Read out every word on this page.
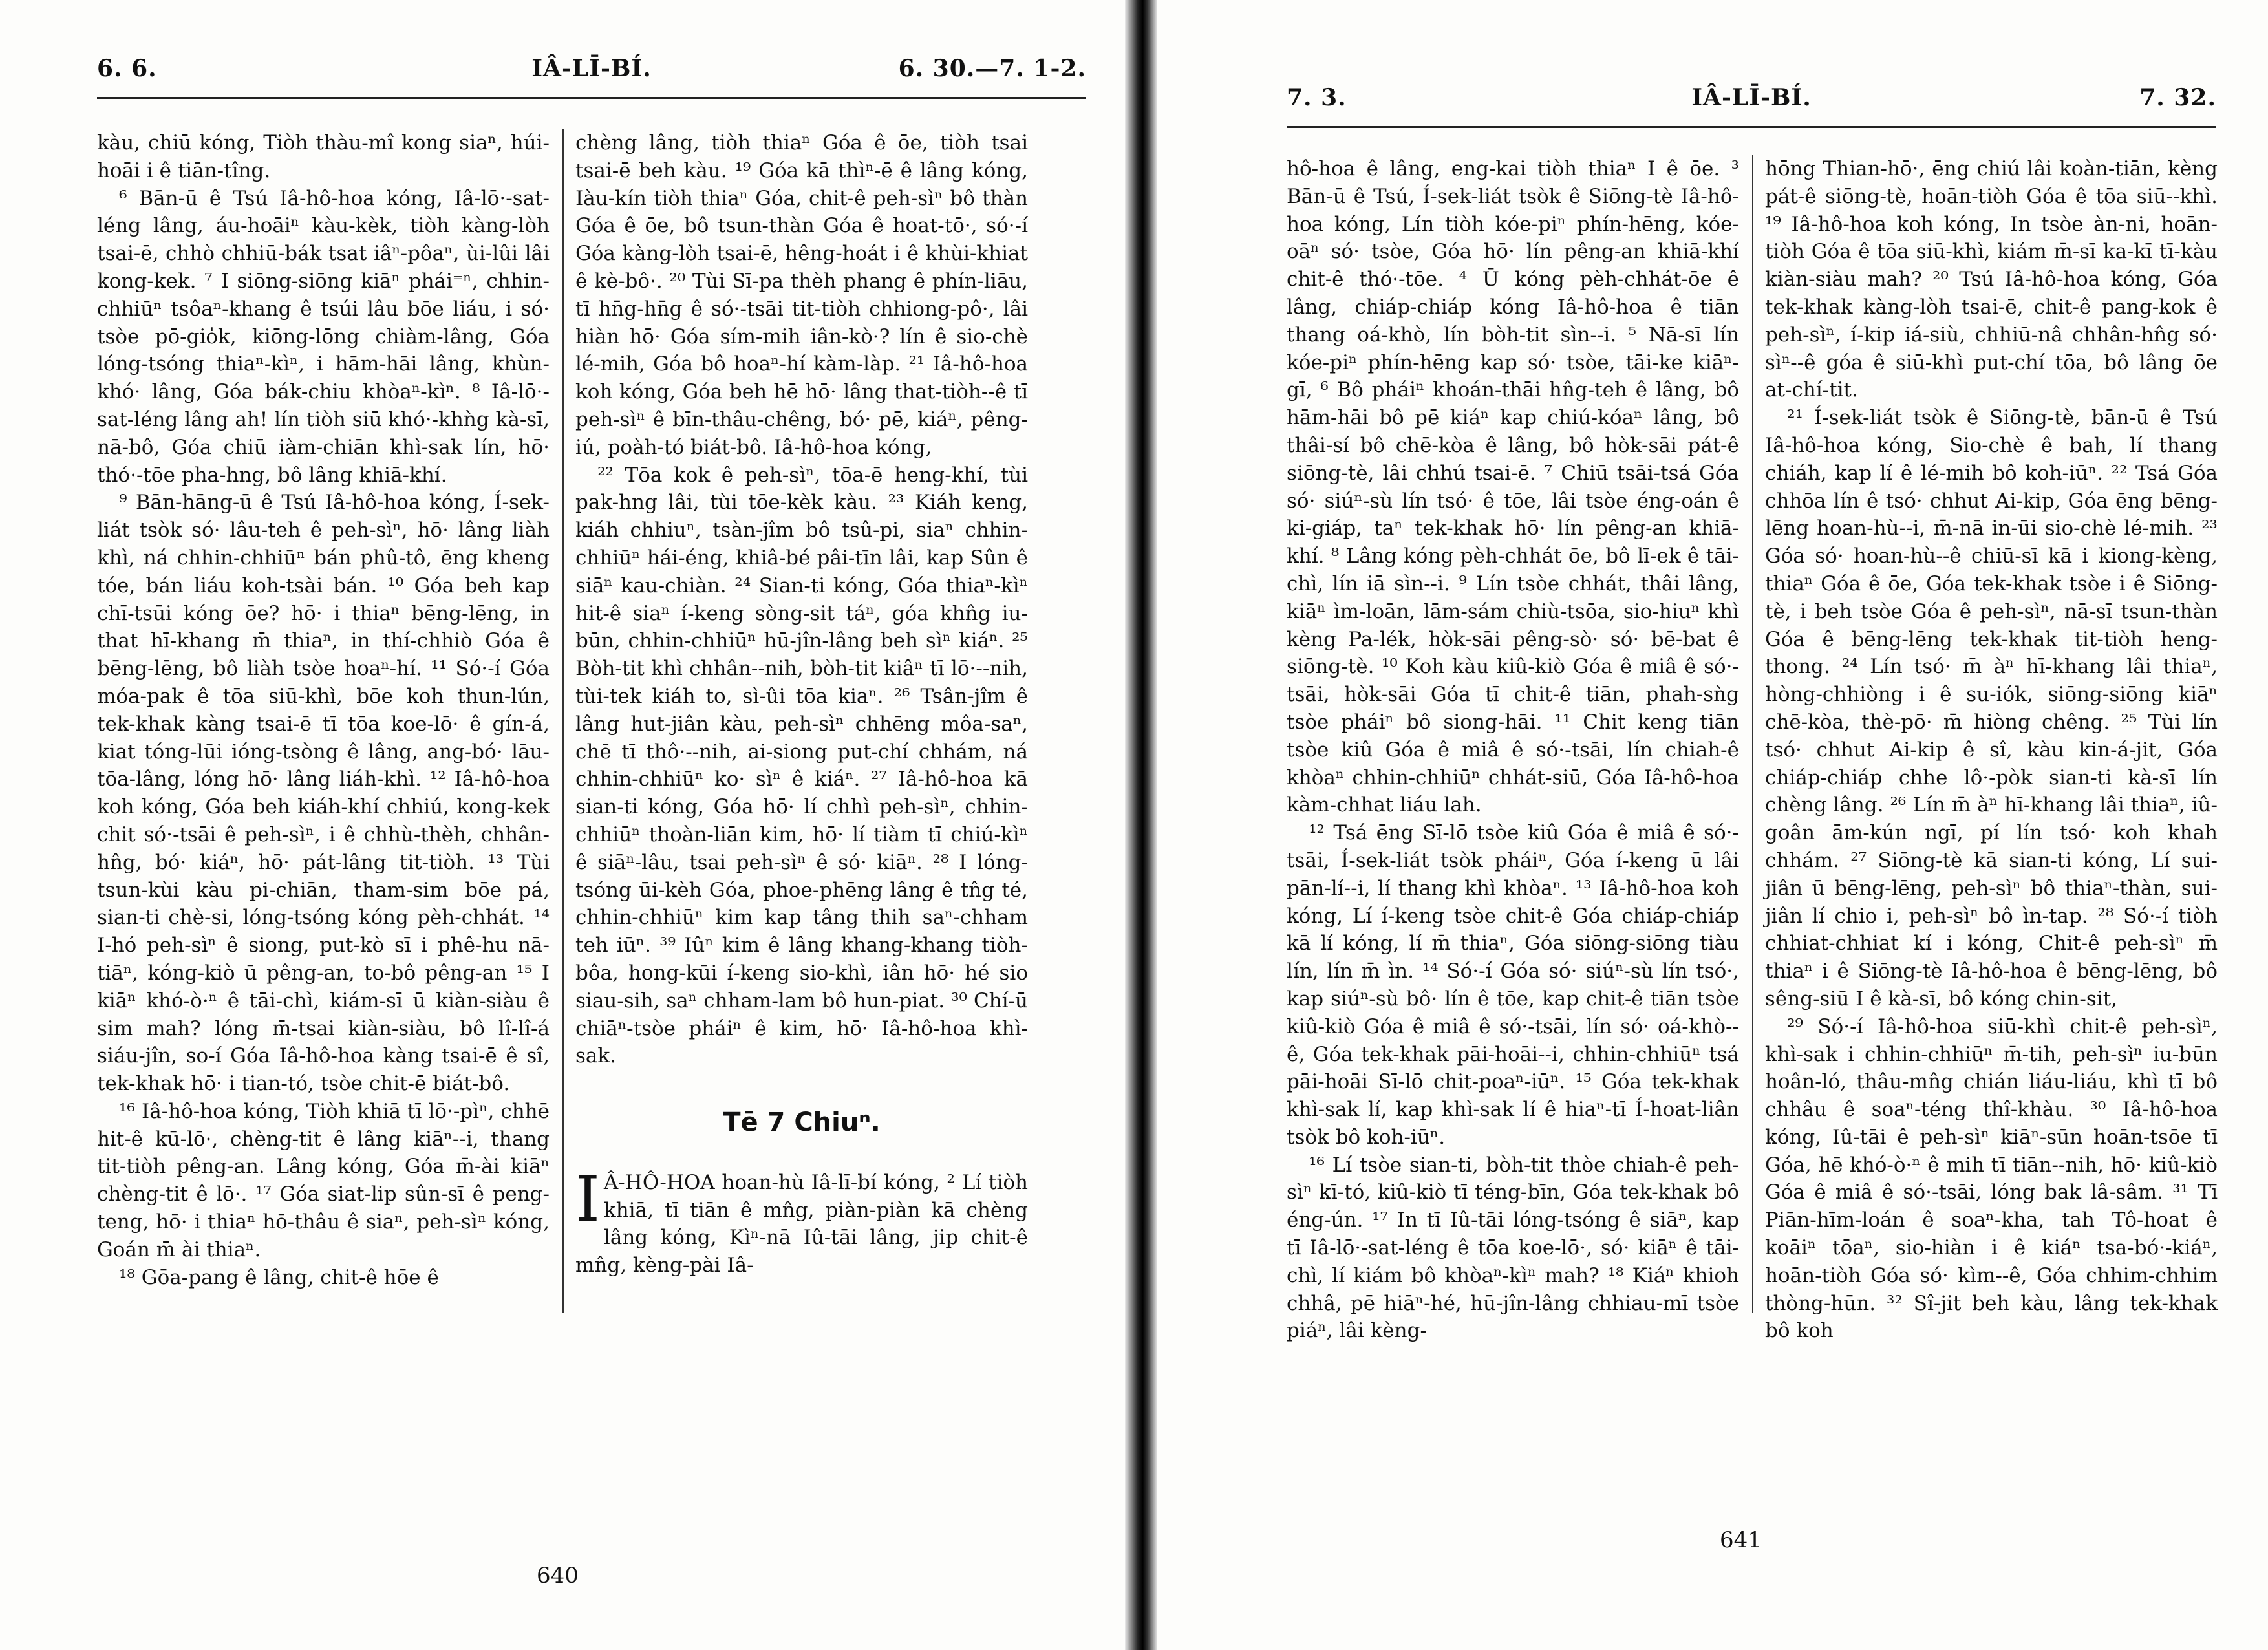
6. 6.	IÂ-LĪ-BÍ.	6. 30.—7. 1-2.

kàu, chiū kóng, Tiòh thàu-mî kong siaⁿ, húi-hoāi i ê tiān-tîng.

⁶ Bān-ū ê Tsú Iâ-hô-hoa kóng, Iâ-lō·-sat-léng lâng, áu-hoāiⁿ kàu-kèk, tiòh kàng-lòh tsai-ē, chhò chhiū-bák tsat iâⁿ-pôaⁿ, ùi-lûi lâi kong-kek. ⁷ I siōng-siōng kiāⁿ phái⁼ⁿ, chhin-chhiūⁿ tsôaⁿ-khang ê tsúi lâu bōe liáu, i só· tsòe pō-gio̍k, kiōng-lōng chiàm-lâng, Góa lóng-tsóng thiaⁿ-kìⁿ, i hām-hāi lâng, khùn-khó· lâng, Góa bák-chiu khòaⁿ-kìⁿ. ⁸ Iâ-lō·-sat-léng lâng ah! lín tiòh siū khó·-khǹg kà-sī, nā-bô, Góa chiū iàm-chiān khì-sak lín, hō· thó·-tōe pha-hng, bô lâng khiā-khí.

⁹ Bān-hāng-ū ê Tsú Iâ-hô-hoa kóng, Í-sek-liát tsòk só· lâu-teh ê peh-sìⁿ, hō· lâng liàh khì, ná chhin-chhiūⁿ bán phû-tô, ēng kheng tóe, bán liáu koh-tsài bán. ¹⁰ Góa beh kap chī-tsūi kóng ōe? hō· i thiaⁿ bēng-lēng, in that hī-khang m̄ thiaⁿ, in thí-chhiò Góa ê bēng-lēng, bô liàh tsòe hoaⁿ-hí. ¹¹ Só·-í Góa móa-pak ê tōa siū-khì, bōe koh thun-lún, tek-khak kàng tsai-ē tī tōa koe-lō· ê gín-á, kiat tóng-lūi ióng-tsòng ê lâng, ang-bó· lāu-tōa-lâng, lóng hō· lâng liáh-khì. ¹² Iâ-hô-hoa koh kóng, Góa beh kiáh-khí chhiú, kong-kek chit só·-tsāi ê peh-sìⁿ, i ê chhù-thèh, chhân-hn̂g, bó· kiáⁿ, hō· pát-lâng tit-tiòh. ¹³ Tùi tsun-kùi kàu pi-chiān, tham-sim bōe pá, sian-ti chè-si, lóng-tsóng kóng pèh-chhát. ¹⁴ I-hó peh-sìⁿ ê siong, put-kò sī i phê-hu nā-tiāⁿ, kóng-kiò ū pêng-an, to-bô pêng-an ¹⁵ I kiāⁿ khó-ò·ⁿ ê tāi-chì, kiám-sī ū kiàn-siàu ê sim mah? lóng m̄-tsai kiàn-siàu, bô lî-lî-á siáu-jîn, so-í Góa Iâ-hô-hoa kàng tsai-ē ê sî, tek-khak hō· i tian-tó, tsòe chit-ē biát-bô.

¹⁶ Iâ-hô-hoa kóng, Tiòh khiā tī lō·-pìⁿ, chhē hit-ê kū-lō·, chèng-tit ê lâng kiāⁿ--i, thang tit-tiòh pêng-an. Lâng kóng, Góa m̄-ài kiāⁿ chèng-tit ê lō·. ¹⁷ Góa siat-lip sûn-sī ê peng-teng, hō· i thiaⁿ hō-thâu ê siaⁿ, peh-sìⁿ kóng, Goán m̄ ài thiaⁿ.

¹⁸ Gōa-pang ê lâng, chit-ê hōe ê

chèng lâng, tiòh thiaⁿ Góa ê ōe, tiòh tsai tsai-ē beh kàu. ¹⁹ Góa kā thìⁿ-ē ê lâng kóng, Iàu-kín tiòh thiaⁿ Góa, chit-ê peh-sìⁿ bô thàn Góa ê ōe, bô tsun-thàn Góa ê hoat-tō·, só·-í Góa kàng-lòh tsai-ē, hêng-hoát i ê khùi-khiat ê kè-bô·. ²⁰ Tùi Sī-pa thèh phang ê phín-liāu, tī hn̄g-hn̄g ê só·-tsāi tit-tiòh chhiong-pô·, lâi hiàn hō· Góa sím-mih iân-kò·? lín ê sio-chè lé-mih, Góa bô hoaⁿ-hí kàm-làp. ²¹ Iâ-hô-hoa koh kóng, Góa beh hē hō· lâng that-tiòh--ê tī peh-sìⁿ ê bīn-thâu-chêng, bó· pē, kiáⁿ, pêng-iú, poàh-tó biát-bô. Iâ-hô-hoa kóng,

²² Tōa kok ê peh-sìⁿ, tōa-ē heng-khí, tùi pak-hng lâi, tùi tōe-kèk kàu. ²³ Kiáh keng, kiáh chhiuⁿ, tsàn-jîm bô tsû-pi, siaⁿ chhin-chhiūⁿ hái-éng, khiâ-bé pâi-tīn lâi, kap Sûn ê siāⁿ kau-chiàn. ²⁴ Sian-ti kóng, Góa thiaⁿ-kìⁿ hit-ê siaⁿ í-keng sòng-sit táⁿ, góa khn̂g iu-būn, chhin-chhiūⁿ hū-jîn-lâng beh sìⁿ kiáⁿ. ²⁵ Bòh-tit khì chhân--nih, bòh-tit kiâⁿ tī lō·--nih, tùi-tek kiáh to, sì-ûi tōa kiaⁿ. ²⁶ Tsân-jîm ê lâng hut-jiân kàu, peh-sìⁿ chhēng môa-saⁿ, chē tī thô·--nih, ai-siong put-chí chhám, ná chhin-chhiūⁿ ko· sìⁿ ê kiáⁿ. ²⁷ Iâ-hô-hoa kā sian-ti kóng, Góa hō· lí chhì peh-sìⁿ, chhin-chhiūⁿ thoàn-liān kim, hō· lí tiàm tī chiú-kìⁿ ê siāⁿ-lâu, tsai peh-sìⁿ ê só· kiāⁿ. ²⁸ I lóng-tsóng ūi-kèh Góa, phoe-phēng lâng ê tn̂g té, chhin-chhiūⁿ kim kap tâng thih saⁿ-chham teh iūⁿ. ³⁹ Iûⁿ kim ê lâng khang-khang tiòh-bôa, hong-kūi í-keng sio-khì, iân hō· hé sio siau-sih, saⁿ chham-lam bô hun-piat. ³⁰ Chí-ū chiāⁿ-tsòe pháiⁿ ê kim, hō· Iâ-hô-hoa khì-sak.

Tē 7 Chiuⁿ.

I Â-HÔ-HOA hoan-hù Iâ-lī-bí kóng, ² Lí tiòh khiā, tī tiān ê mn̂g, piàn-piàn kā chèng lâng kóng, Kìⁿ-nā Iû-tāi lâng, jip chit-ê mn̂g, kèng-pài Iâ-

640
7. 3.	IÂ-LĪ-BÍ.	7. 32.

hô-hoa ê lâng, eng-kai tiòh thiaⁿ I ê ōe. ³ Bān-ū ê Tsú, Í-sek-liát tsòk ê Siōng-tè Iâ-hô-hoa kóng, Lín tiòh kóe-piⁿ phín-hēng, kóe-oāⁿ só· tsòe, Góa hō· lín pêng-an khiā-khí chit-ê thó·-tōe. ⁴ Ū kóng pèh-chhát-ōe ê lâng, chiáp-chiáp kóng Iâ-hô-hoa ê tiān thang oá-khò, lín bòh-tit sìn--i. ⁵ Nā-sī lín kóe-piⁿ phín-hēng kap só· tsòe, tāi-ke kiāⁿ-gī, ⁶ Bô pháiⁿ khoán-thāi hn̂g-teh ê lâng, bô hām-hāi bô pē kiáⁿ kap chiú-kóaⁿ lâng, bô thâi-sí bô chē-kòa ê lâng, bô hòk-sāi pát-ê siōng-tè, lâi chhú tsai-ē. ⁷ Chiū tsāi-tsá Góa só· siúⁿ-sù lín tsó· ê tōe, lâi tsòe éng-oán ê ki-giáp, taⁿ tek-khak hō· lín pêng-an khiā-khí. ⁸ Lâng kóng pèh-chhát ōe, bô lī-ek ê tāi-chì, lín iā sìn--i. ⁹ Lín tsòe chhát, thâi lâng, kiāⁿ ìm-loān, lām-sám chiù-tsōa, sio-hiuⁿ khì kèng Pa-lék, hòk-sāi pêng-sò· só· bē-bat ê siōng-tè. ¹⁰ Koh kàu kiû-kiò Góa ê miâ ê só·-tsāi, hòk-sāi Góa tī chit-ê tiān, phah-sǹg tsòe pháiⁿ bô siong-hāi. ¹¹ Chit keng tiān tsòe kiû Góa ê miâ ê só·-tsāi, lín chiah-ê khòaⁿ chhin-chhiūⁿ chhát-siū, Góa Iâ-hô-hoa kàm-chhat liáu lah.

¹² Tsá ēng Sī-lō tsòe kiû Góa ê miâ ê só·-tsāi, Í-sek-liát tsòk pháiⁿ, Góa í-keng ū lâi pān-lí--i, lí thang khì khòaⁿ. ¹³ Iâ-hô-hoa koh kóng, Lí í-keng tsòe chit-ê Góa chiáp-chiáp kā lí kóng, lí m̄ thiaⁿ, Góa siōng-siōng tiàu lín, lín m̄ ìn. ¹⁴ Só·-í Góa só· siúⁿ-sù lín tsó·, kap siúⁿ-sù bô· lín ê tōe, kap chit-ê tiān tsòe kiû-kiò Góa ê miâ ê só·-tsāi, lín só· oá-khò--ê, Góa tek-khak pāi-hoāi--i, chhin-chhiūⁿ tsá pāi-hoāi Sī-lō chit-poaⁿ-iūⁿ. ¹⁵ Góa tek-khak khì-sak lí, kap khì-sak lí ê hiaⁿ-tī Í-hoat-liân tsòk bô koh-iūⁿ.

¹⁶ Lí tsòe sian-ti, bòh-tit thòe chiah-ê peh-sìⁿ kī-tó, kiû-kiò tī téng-bīn, Góa tek-khak bô éng-ún. ¹⁷ In tī Iû-tāi lóng-tsóng ê siāⁿ, kap tī Iâ-lō·-sat-léng ê tōa koe-lō·, só· kiāⁿ ê tāi-chì, lí kiám bô khòaⁿ-kìⁿ mah? ¹⁸ Kiáⁿ khioh chhâ, pē hiāⁿ-hé, hū-jîn-lâng chhiau-mī tsòe piáⁿ, lâi kèng-

hōng Thian-hō·, ēng chiú lâi koàn-tiān, kèng pát-ê siōng-tè, hoān-tiòh Góa ê tōa siū--khì. ¹⁹ Iâ-hô-hoa koh kóng, In tsòe àn-ni, hoān-tiòh Góa ê tōa siū-khì, kiám m̄-sī ka-kī tī-kàu kiàn-siàu mah? ²⁰ Tsú Iâ-hô-hoa kóng, Góa tek-khak kàng-lòh tsai-ē, chit-ê pang-kok ê peh-sìⁿ, í-kip iá-siù, chhiū-nâ chhân-hn̂g só· sìⁿ--ê góa ê siū-khì put-chí tōa, bô lâng ōe at-chí-tit.

²¹ Í-sek-liát tsòk ê Siōng-tè, bān-ū ê Tsú Iâ-hô-hoa kóng, Sio-chè ê bah, lí thang chiáh, kap lí ê lé-mih bô koh-iūⁿ. ²² Tsá Góa chhōa lín ê tsó· chhut Ai-kip, Góa ēng bēng-lēng hoan-hù--i, m̄-nā in-ūi sio-chè lé-mih. ²³ Góa só· hoan-hù--ê chiū-sī kā i kiong-kèng, thiaⁿ Góa ê ōe, Góa tek-khak tsòe i ê Siōng-tè, i beh tsòe Góa ê peh-sìⁿ, nā-sī tsun-thàn Góa ê bēng-lēng tek-khak tit-tiòh heng-thong. ²⁴ Lín tsó· m̄ àⁿ hī-khang lâi thiaⁿ, hòng-chhiòng i ê su-iók, siōng-siōng kiāⁿ chē-kòa, thè-pō· m̄ hiòng chêng. ²⁵ Tùi lín tsó· chhut Ai-kip ê sî, kàu kin-á-jit, Góa chiáp-chiáp chhe lô·-pòk sian-ti kà-sī lín chèng lâng. ²⁶ Lín m̄ àⁿ hī-khang lâi thiaⁿ, iû-goân ām-kún ngī, pí lín tsó· koh khah chhám. ²⁷ Siōng-tè kā sian-ti kóng, Lí sui-jiân ū bēng-lēng, peh-sìⁿ bô thiaⁿ-thàn, sui-jiân lí chio i, peh-sìⁿ bô ìn-tap. ²⁸ Só·-í tiòh chhiat-chhiat kí i kóng, Chit-ê peh-sìⁿ m̄ thiaⁿ i ê Siōng-tè Iâ-hô-hoa ê bēng-lēng, bô sêng-siū I ê kà-sī, bô kóng chin-sit,

²⁹ Só·-í Iâ-hô-hoa siū-khì chit-ê peh-sìⁿ, khì-sak i chhin-chhiūⁿ m̄-tih, peh-sìⁿ iu-būn hoân-ló, thâu-mn̂g chián liáu-liáu, khì tī bô chhâu ê soaⁿ-téng thî-khàu. ³⁰ Iâ-hô-hoa kóng, Iû-tāi ê peh-sìⁿ kiāⁿ-sūn hoān-tsōe tī Góa, hē khó-ò·ⁿ ê mih tī tiān--nih, hō· kiû-kiò Góa ê miâ ê só·-tsāi, lóng bak lâ-sâm. ³¹ Tī Piān-hīm-loán ê soaⁿ-kha, tah Tô-hoat ê koāiⁿ tōaⁿ, sio-hiàn i ê kiáⁿ tsa-bó·-kiáⁿ, hoān-tiòh Góa só· kìm--ê, Góa chhim-chhim thòng-hūn. ³² Sî-jit beh kàu, lâng tek-khak bô koh

641
